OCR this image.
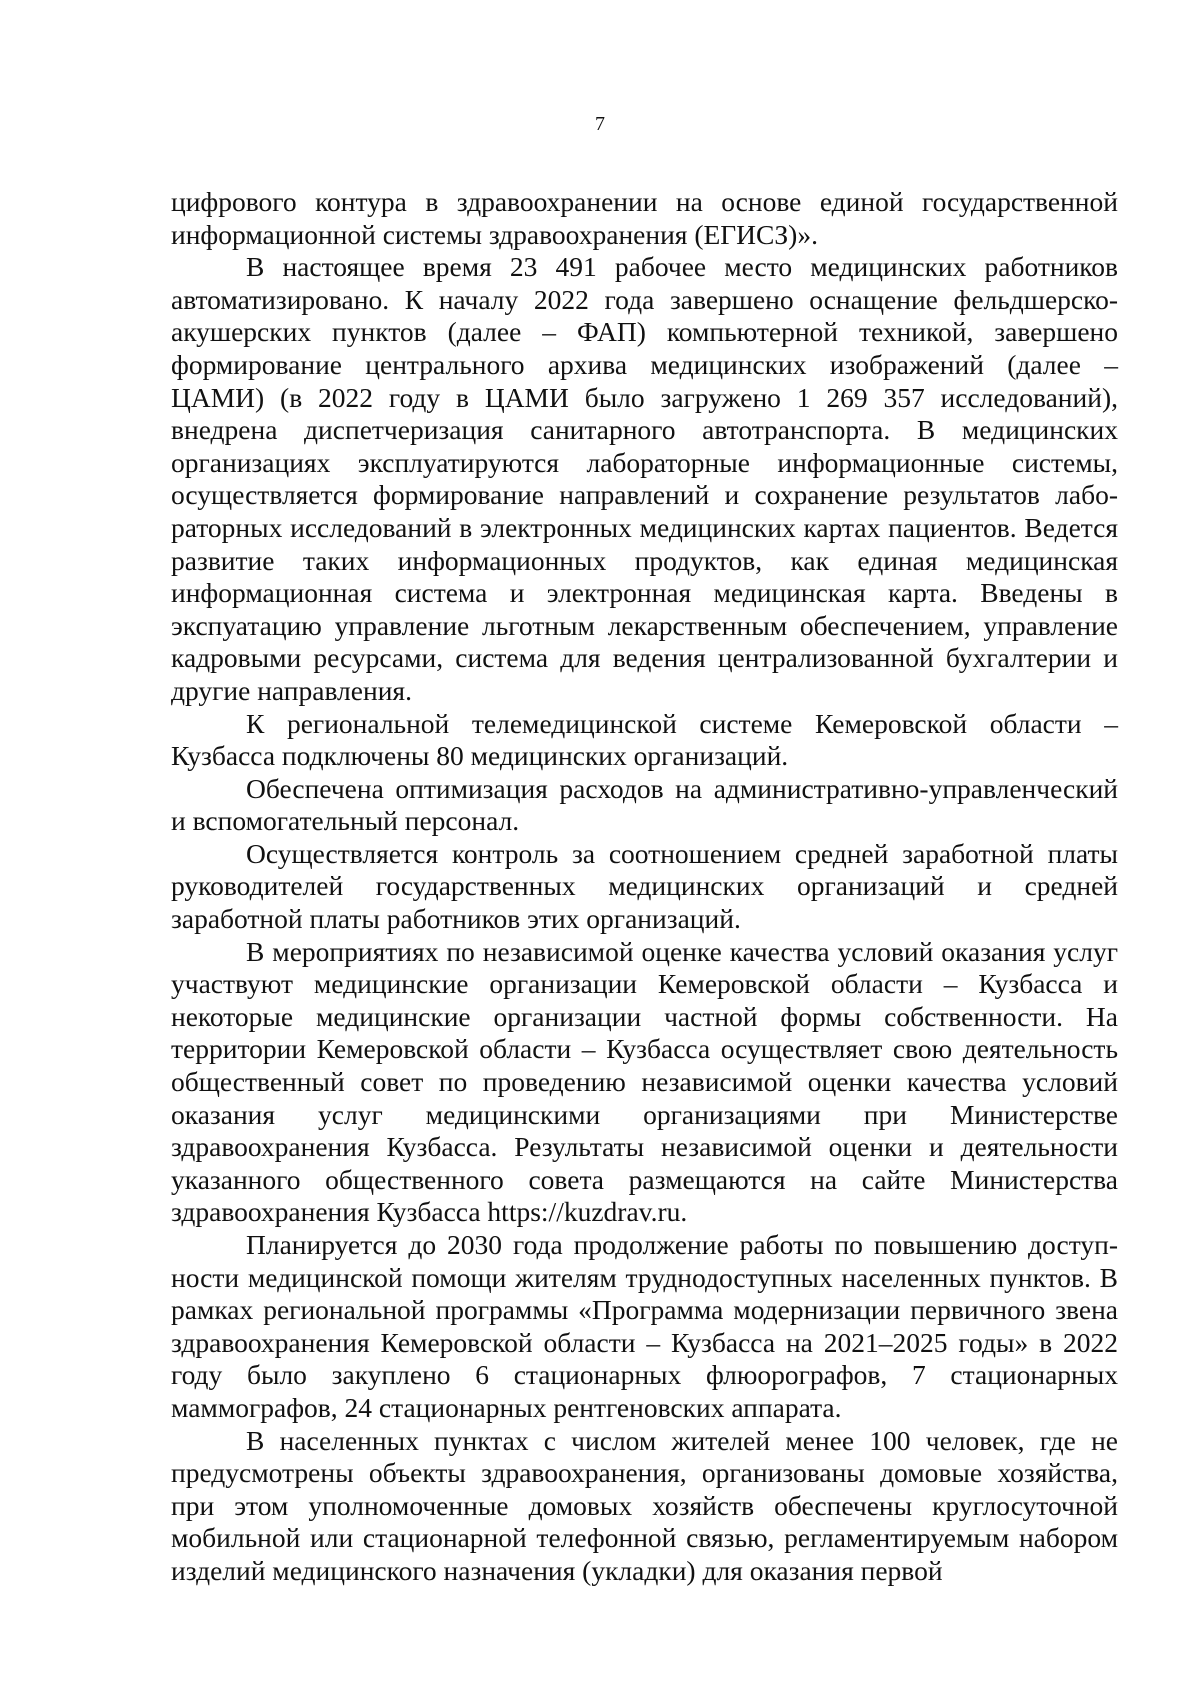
7

цифрового контура в здравоохранении на основе единой государственной информационной системы здравоохранения (ЕГИСЗ)».

В настоящее время 23 491 рабочее место медицинских работников автоматизировано. К началу 2022 года завершено оснащение фельдшерско-акушерских пунктов (далее – ФАП) компьютерной техникой, завершено формирование центрального архива медицинских изображений (далее – ЦАМИ) (в 2022 году в ЦАМИ было загружено 1 269 357 исследований), внедрена диспетчеризация санитарного автотранспорта. В медицинских организациях эксплуатируются лабораторные информационные системы, осуществляется формирование направлений и сохранение результатов лабораторных исследований в электронных медицинских картах пациентов. Ведется развитие таких информационных продуктов, как единая медицинская информационная система и электронная медицинская карта. Введены в экспуатацию управление льготным лекарственным обеспечением, управление кадровыми ресурсами, система для ведения централизованной бухгалтерии и другие направления.

К региональной телемедицинской системе Кемеровской области – Кузбасса подключены 80 медицинских организаций.

Обеспечена оптимизация расходов на административно-управленческий и вспомогательный персонал.

Осуществляется контроль за соотношением средней заработной платы руководителей государственных медицинских организаций и средней заработной платы работников этих организаций.

В мероприятиях по независимой оценке качества условий оказания услуг участвуют медицинские организации Кемеровской области – Кузбасса и некоторые медицинские организации частной формы собственности. На территории Кемеровской области – Кузбасса осуществляет свою деятельность общественный совет по проведению независимой оценки качества условий оказания услуг медицинскими организациями при Министерстве здравоохранения Кузбасса. Результаты независимой оценки и деятельности указанного общественного совета размещаются на сайте Министерства здравоохранения Кузбасса https://kuzdrav.ru.

Планируется до 2030 года продолжение работы по повышению доступности медицинской помощи жителям труднодоступных населенных пунктов. В рамках региональной программы «Программа модернизации первичного звена здравоохранения Кемеровской области – Кузбасса на 2021–2025 годы» в 2022 году было закуплено 6 стационарных флюорографов, 7 стационарных маммографов, 24 стационарных рентгеновских аппарата.

В населенных пунктах с числом жителей менее 100 человек, где не предусмотрены объекты здравоохранения, организованы домовые хозяйства, при этом уполномоченные домовых хозяйств обеспечены круглосуточной мобильной или стационарной телефонной связью, регламентируемым набором изделий медицинского назначения (укладки) для оказания первой
